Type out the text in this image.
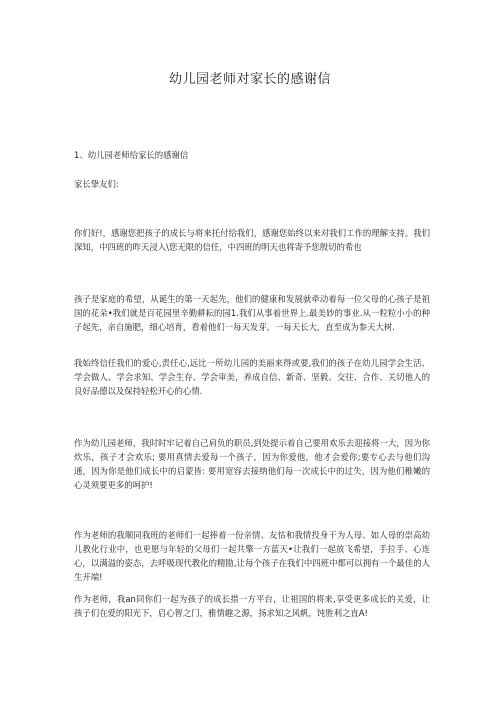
幼儿园老师对家长的感谢信
1、幼儿园老师给家长的感谢信

家长挚友们:

你们好!，感谢您把孩子的成长与将来托付给我们，感谢您始终以来对我们工作的理解支持。我们深知，中四班的昨天浸入\您无限的信任，中四班的明天也将寄予您殷切的希也

孩子是家庭的希望，从诞生的第一天起先，他们的健康和发展就牵动着每一位父母的心孩子是祖国的花朵•我们就是百花园里辛勤耕耘的园1.我们从事着世界上.最美妙的事业.从一粒粒小小的种子起先，亲自施肥，细心培育，看着他们一每天发芽，一每天长大，直至成为参天大树.

我始终信任我们的爱心,责任心,远比一所幼儿园的美丽来得或要,我们的孩子在幼儿园学会生活、学会做人、学会求知、学会生存、学会审美，养成自信、新奇、坚毅、交往、合作、关切他人的良好品德以及保持轻松开心的心情.

作为幼儿园老师，我时时牢记着自己肩负的职员,到处提示着自己要用欢乐去迎接将一大，因为你炊乐，孩子才会欢乐; 要用真情去爱每一个孩子，因为你爱他，他才会爱你;要专心去与他们沟通，因为你是他们成长中的启蒙皆: 要用宽容去接纳他们每一次成长中的过失，因为他们稚嫩的心灵须要更多的呵护!

作为老师的我顺同我班的老师们一起捧着一份亲情、友怙和我情投身干为人母、如人母的崇高幼儿教化行业中，也更愿与年轻的父母们一起共擎一方蓝天•让我们一起放飞希望，手拉手、心连心，以满溢的姿态，去呼吸现代教化的精勖,让每个孩子在我们中四班中都可以拥有一个最佳的人生开端!

作为老师，我an同你们一起为孩子的成长措一方平台，让祖国的将来,享受更多成长的关爱，让孩子们在爱的阳光下，启心智之门，雅情趣之源，扬求知之风帆，饨胜利之直A!
